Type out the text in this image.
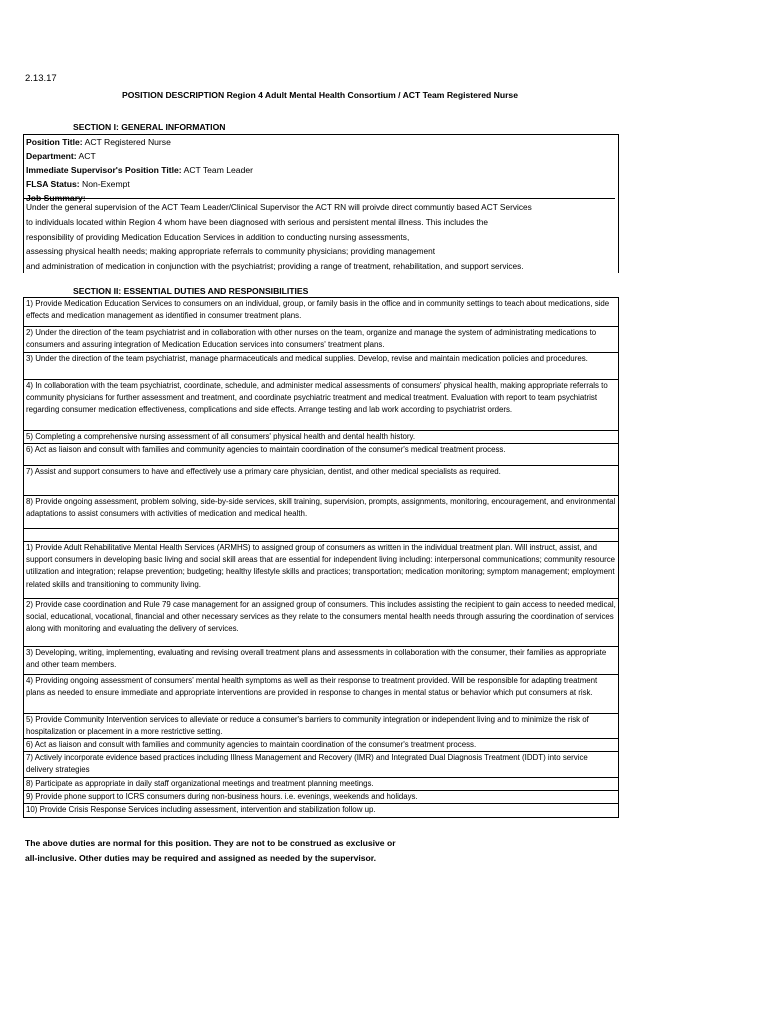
2.13.17
POSITION DESCRIPTION Region 4 Adult Mental Health Consortium / ACT Team Registered Nurse
SECTION I: GENERAL INFORMATION
Position Title: ACT Registered Nurse
Department: ACT
Immediate Supervisor's Position Title: ACT Team Leader
FLSA Status: Non-Exempt
Job Summary:
Under the general supervision of the ACT Team Leader/Clinical Supervisor the ACT RN will proivde direct communtiy based ACT Services
to individuals located within Region 4 whom have been diagnosed with serious and persistent mental illness. This includes the
responsibility of providing Medication Education Services in addition to conducting nursing assessments,
assessing physical health needs; making appropriate referrals to community physicians; providing management
and administration of medication in conjunction with the psychiatrist; providing a range of treatment, rehabilitation, and support services.
SECTION II: ESSENTIAL DUTIES AND RESPONSIBILITIES
1) Provide Medication Education Services to consumers on an individual, group, or family basis in the office and in community settings to teach about medications, side effects and medication management as identified in consumer treatment plans.
2) Under the direction of the team psychiatrist and in collaboration with other nurses on the team, organize and manage the system of administrating medications to consumers and assuring integration of Medication Education services into consumers' treatment plans.
3) Under the direction of the team psychiatrist, manage pharmaceuticals and medical supplies. Develop, revise and maintain medication policies and procedures.
4) In collaboration with the team psychiatrist, coordinate, schedule, and administer medical assessments of consumers' physical health, making appropriate referrals to community physicians for further assessment and treatment, and coordinate psychiatric treatment and medical treatment. Evaluation with report to team psychiatrist regarding consumer medication effectiveness, complications and side effects. Arrange testing and lab work according to psychiatrist orders.
5) Completing a comprehensive nursing assessment of all consumers' physical health and dental health history.
6) Act as liaison and consult with families and community agencies to maintain coordination of the consumer's medical treatment process.
7) Assist and support consumers to have and effectively use a primary care physician, dentist, and other medical specialists as required.
8) Provide ongoing assessment, problem solving, side-by-side services, skill training, supervision, prompts, assignments, monitoring, encouragement, and environmental adaptations to assist consumers with activities of medication and medical health.
1) Provide Adult Rehabilitative Mental Health Services (ARMHS) to assigned group of consumers as written in the individual treatment plan. Will instruct, assist, and support consumers in developing basic living and social skill areas that are essential for independent living including: interpersonal communications; community resource utilization and integration; relapse prevention; budgeting; healthy lifestyle skills and practices; transportation; medication monitoring; symptom management; employment related skills and transitioning to community living.
2) Provide case coordination and Rule 79 case management for an assigned group of consumers. This includes assisting the recipient to gain access to needed medical, social, educational, vocational, financial and other necessary services as they relate to the consumers mental health needs through assuring the coordination of services along with monitoring and evaluating the delivery of services.
3) Developing, writing, implementing, evaluating and revising overall treatment plans and assessments in collaboration with the consumer, their families as appropriate and other team members.
4) Providing ongoing assessment of consumers' mental health symptoms as well as their response to treatment provided. Will be responsible for adapting treatment plans as needed to ensure immediate and appropriate interventions are provided in response to changes in mental status or behavior which put consumers at risk.
5) Provide Community Intervention services to alleviate or reduce a consumer's barriers to community integration or independent living and to minimize the risk of hospitalization or placement in a more restrictive setting.
6) Act as liaison and consult with families and community agencies to maintain coordination of the consumer's treatment process.
7) Actively incorporate evidence based practices including Illness Management and Recovery (IMR) and Integrated Dual Diagnosis Treatment (IDDT) into service delivery strategies
8) Participate as appropriate in daily staff organizational meetings and treatment planning meetings.
9) Provide phone support to ICRS consumers during non-business hours. i.e. evenings, weekends and holidays.
10) Provide Crisis Response Services including assessment, intervention and stabilization follow up.
The above duties are normal for this position. They are not to be construed as exclusive or
all-inclusive. Other duties may be required and assigned as needed by the supervisor.
